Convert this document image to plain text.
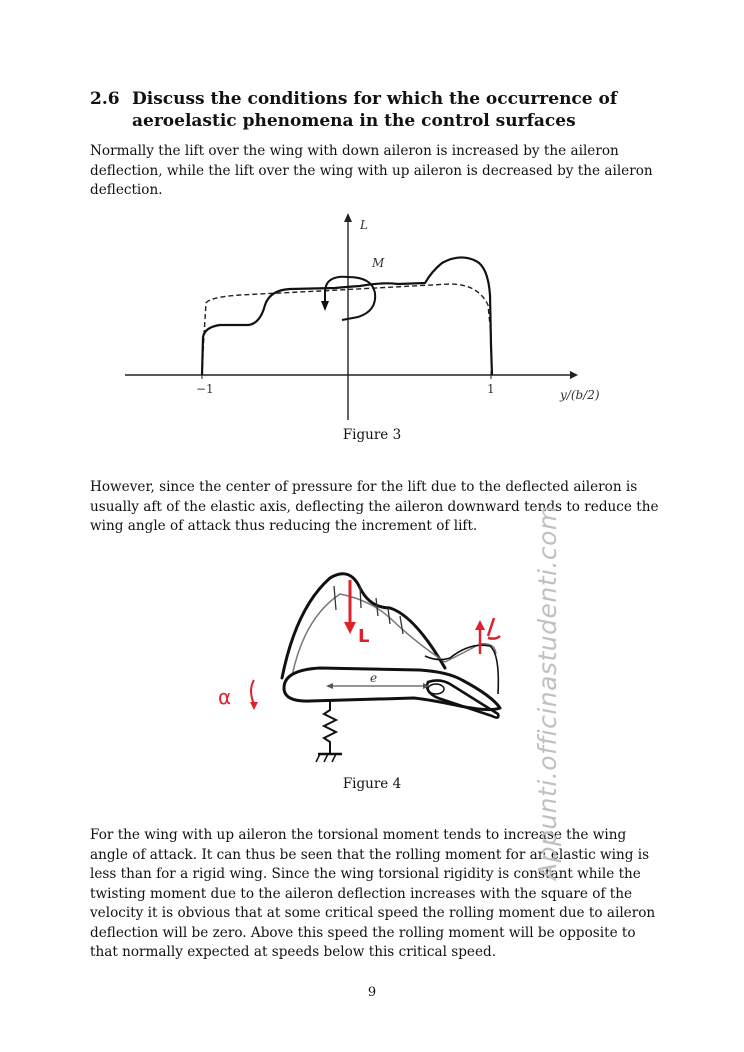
2.6 Discuss the conditions for which the occurrence of aeroelastic phenomena in the control surfaces
Normally the lift over the wing with down aileron is increased by the aileron deflection, while the lift over the wing with up aileron is decreased by the aileron deflection.
L
M
−1	1	y/(b/2)
Figure 3
However, since the center of pressure for the lift due to the deflected aileron is usually aft of the elastic axis, deflecting the aileron downward tends to reduce the wing angle of attack thus reducing the increment of lift.
e
L
α
Figure 4
For the wing with up aileron the torsional moment tends to increase the wing angle of attack. It can thus be seen that the rolling moment for an elastic wing is less than for a rigid wing. Since the wing torsional rigidity is constant while the twisting moment due to the aileron deflection increases with the square of the velocity it is obvious that at some critical speed the rolling moment due to aileron deflection will be zero. Above this speed the rolling moment will be opposite to that normally expected at speeds below this critical speed.
9
Appunti.officinastudenti.com
